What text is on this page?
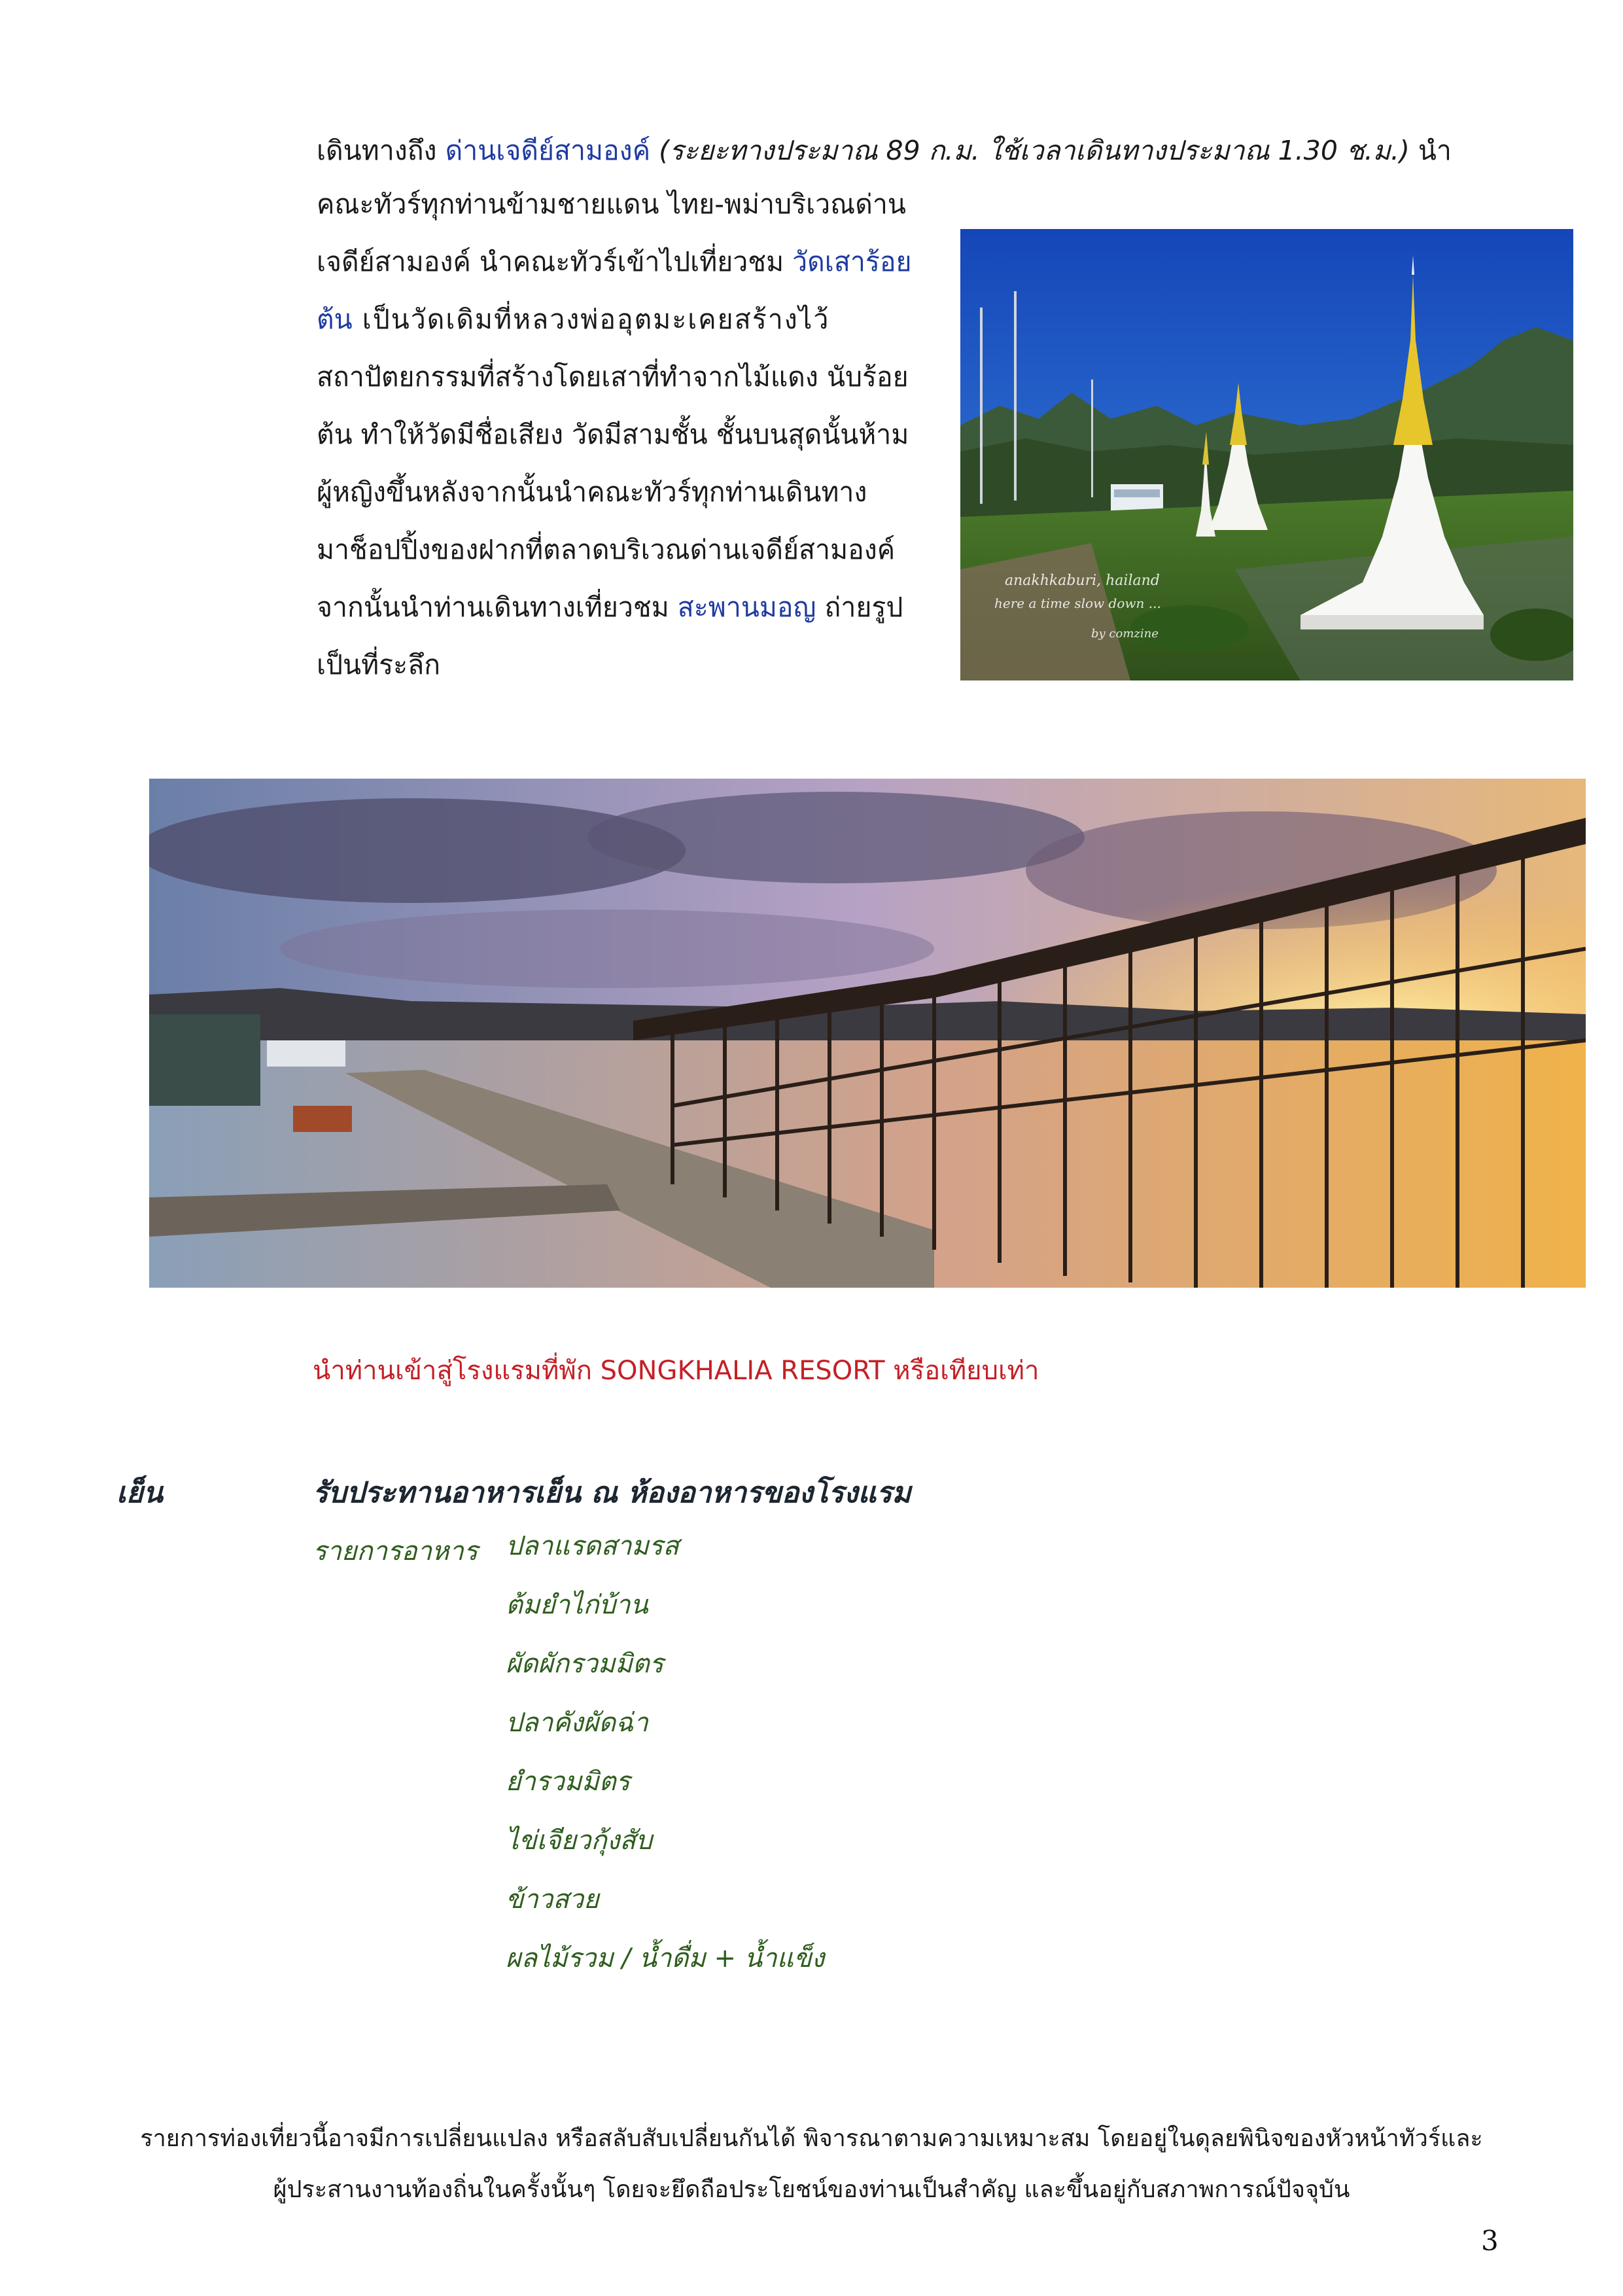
เดินทางถึง ด่านเจดีย์สามองค์ (ระยะทางประมาณ 89 ก.ม. ใช้เวลาเดินทางประมาณ 1.30 ช.ม.) นำ
คณะทัวร์ทุกท่านข้ามชายแดน ไทย-พม่าบริเวณด่าน
เจดีย์สามองค์ นำคณะทัวร์เข้าไปเที่ยวชม วัดเสาร้อย
ต้น เป็นวัดเดิมที่หลวงพ่ออุตมะเคยสร้างไว้
สถาปัตยกรรมที่สร้างโดยเสาที่ทำจากไม้แดง นับร้อย
ต้น ทำให้วัดมีชื่อเสียง วัดมีสามชั้น ชั้นบนสุดนั้นห้าม
ผู้หญิงขึ้นหลังจากนั้นนำคณะทัวร์ทุกท่านเดินทาง
มาช็อปปิ้งของฝากที่ตลาดบริเวณด่านเจดีย์สามองค์
จากนั้นนำท่านเดินทางเที่ยวชม สะพานมอญ ถ่ายรูป
เป็นที่ระลึก
anakhkaburi, hailand
here a time slow down ...
by comzine
นำท่านเข้าสู่โรงแรมที่พัก SONGKHALIA RESORT หรือเทียบเท่า
เย็น	รับประทานอาหารเย็น ณ ห้องอาหารของโรงแรม
รายการอาหาร ปลาแรดสามรส
ต้มยำไก่บ้าน
ผัดผักรวมมิตร
ปลาคังผัดฉ่า
ยำรวมมิตร
ไข่เจียวกุ้งสับ
ข้าวสวย
ผลไม้รวม / น้ำดื่ม + น้ำแข็ง
รายการท่องเที่ยวนี้อาจมีการเปลี่ยนแปลง หรือสลับสับเปลี่ยนกันได้ พิจารณาตามความเหมาะสม โดยอยู่ในดุลยพินิจของหัวหน้าทัวร์และ
ผู้ประสานงานท้องถิ่นในครั้งนั้นๆ โดยจะยึดถือประโยชน์ของท่านเป็นสำคัญ และขึ้นอยู่กับสภาพการณ์ปัจจุบัน
3
